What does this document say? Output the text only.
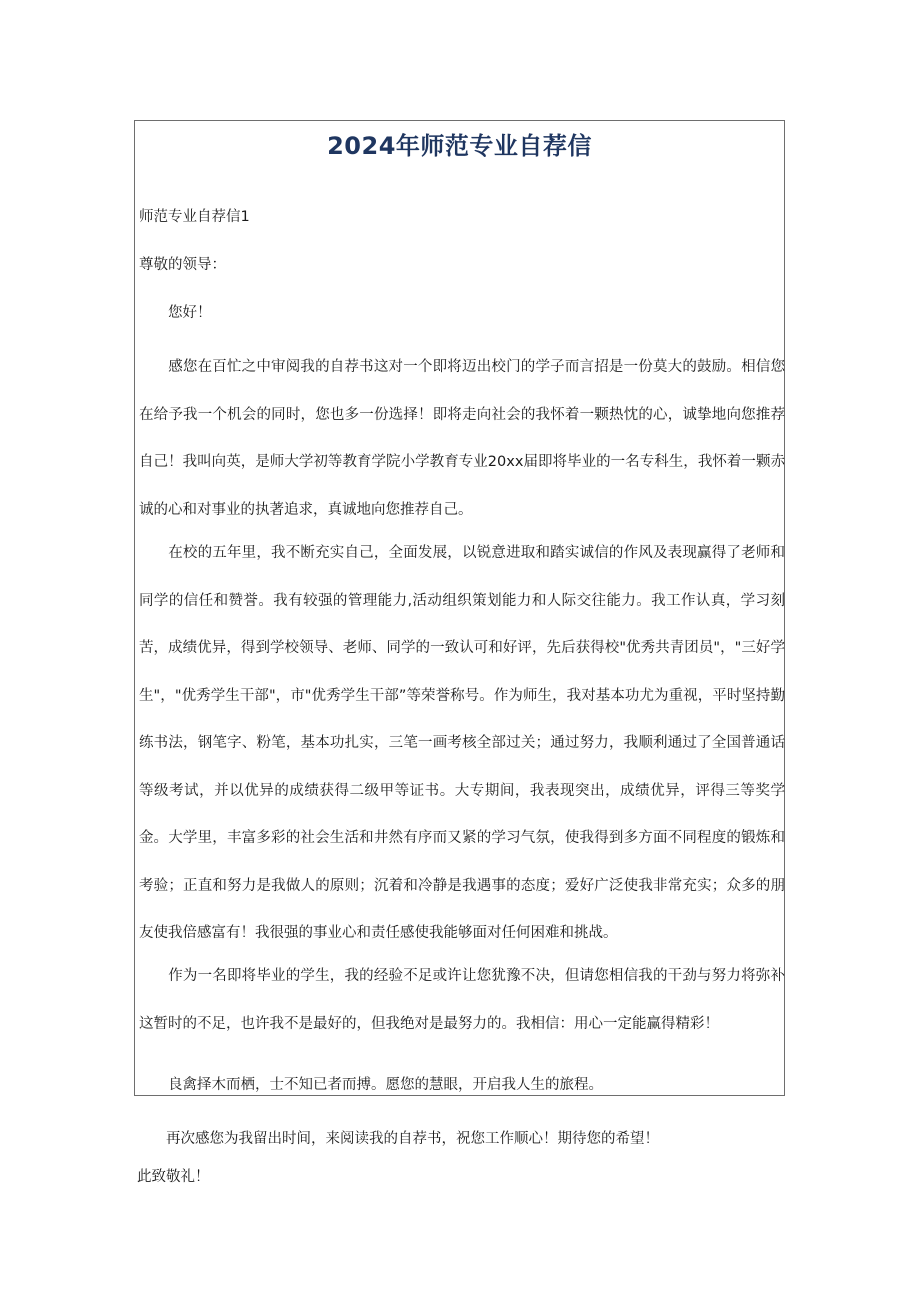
2024年师范专业自荐信
师范专业自荐信1
尊敬的领导：
您好！
感您在百忙之中审阅我的自荐书这对一个即将迈出校门的学子而言招是一份莫大的鼓励。相信您在给予我一个机会的同时，您也多一份选择！即将走向社会的我怀着一颗热忱的心，诚挚地向您推荐自己！我叫向英，是师大学初等教育学院小学教育专业20xx届即将毕业的一名专科生，我怀着一颗赤诚的心和对事业的执著追求，真诚地向您推荐自己。
在校的五年里，我不断充实自己，全面发展，以锐意进取和踏实诚信的作风及表现赢得了老师和同学的信任和赞誉。我有较强的管理能力,活动组织策划能力和人际交往能力。我工作认真，学习刻苦，成绩优异，得到学校领导、老师、同学的一致认可和好评，先后获得校"优秀共青团员"，"三好学生"，"优秀学生干部"，市"优秀学生干部”等荣誉称号。作为师生，我对基本功尤为重视，平时坚持勤练书法，钢笔字、粉笔，基本功扎实，三笔一画考核全部过关；通过努力，我顺利通过了全国普通话等级考试，并以优异的成绩获得二级甲等证书。大专期间，我表现突出，成绩优异，评得三等奖学金。 大学里，丰富多彩的社会生活和井然有序而又紧的学习气氛，使我得到多方面不同程度的锻炼和考验；正直和努力是我做人的原则；沉着和冷静是我遇事的态度；爱好广泛使我非常充实；众多的朋友使我倍感富有！我很强的事业心和责任感使我能够面对任何困难和挑战。
作为一名即将毕业的学生，我的经验不足或许让您犹豫不决，但请您相信我的干劲与努力将弥补这暂时的不足，也许我不是最好的，但我绝对是最努力的。我相信：用心一定能赢得精彩！
良禽择木而栖，士不知已者而搏。愿您的慧眼，开启我人生的旅程。
再次感您为我留出时间，来阅读我的自荐书，祝您工作顺心！期待您的希望！
此致敬礼！
